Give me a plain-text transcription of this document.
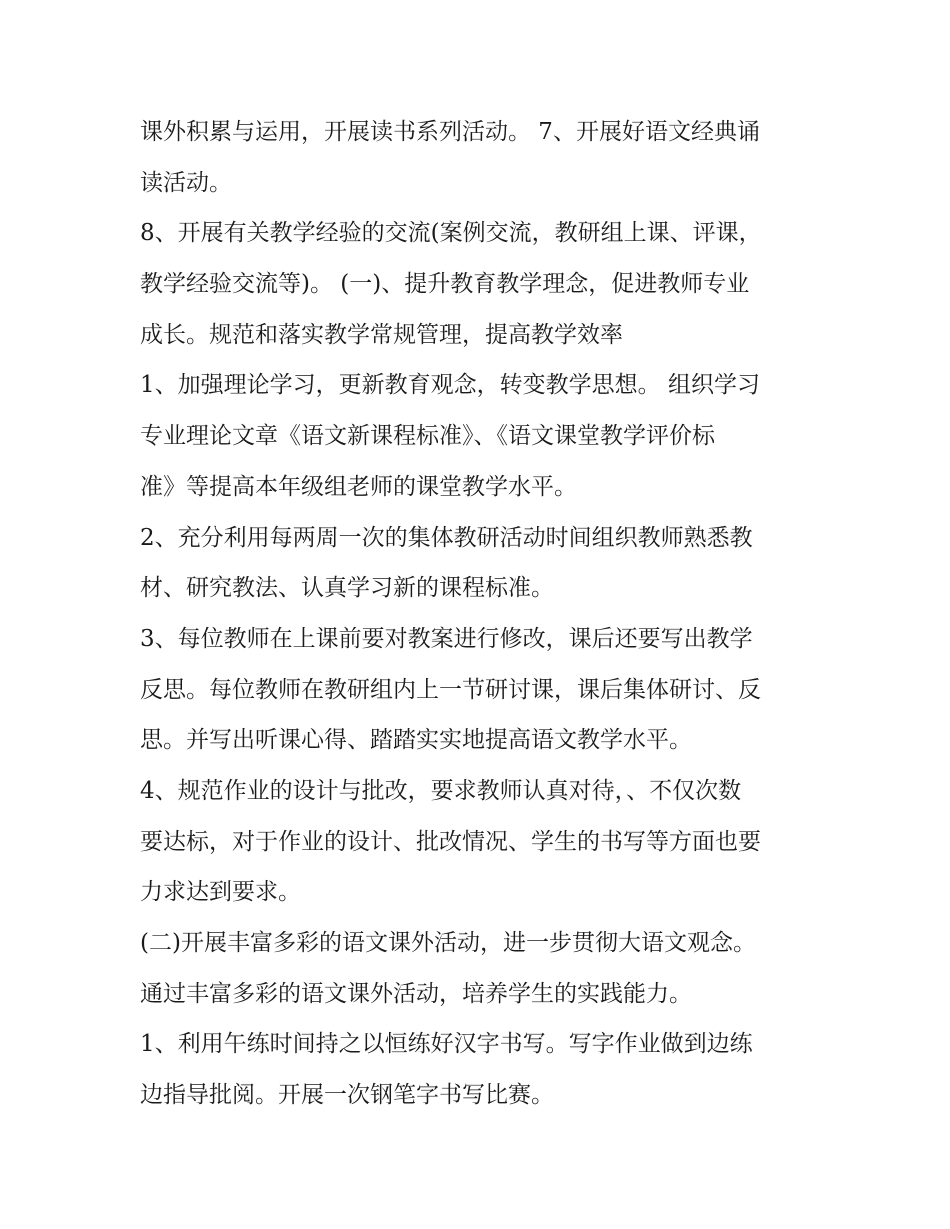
课外积累与运用，开展读书系列活动。 7、开展好语文经典诵
读活动。
8、开展有关教学经验的交流(案例交流，教研组上课、评课，
教学经验交流等)。 (一)、提升教育教学理念，促进教师专业
成长。规范和落实教学常规管理，提高教学效率
1、加强理论学习，更新教育观念，转变教学思想。 组织学习
专业理论文章《语文新课程标准》、《语文课堂教学评价标
准》等提高本年级组老师的课堂教学水平。
2、充分利用每两周一次的集体教研活动时间组织教师熟悉教
材、研究教法、认真学习新的课程标准。
3、每位教师在上课前要对教案进行修改，课后还要写出教学
反思。每位教师在教研组内上一节研讨课，课后集体研讨、反
思。并写出听课心得、踏踏实实地提高语文教学水平。
4、规范作业的设计与批改，要求教师认真对待，、不仅次数
要达标，对于作业的设计、批改情况、学生的书写等方面也要
力求达到要求。
(二)开展丰富多彩的语文课外活动，进一步贯彻大语文观念。
通过丰富多彩的语文课外活动，培养学生的实践能力。
1、利用午练时间持之以恒练好汉字书写。写字作业做到边练
边指导批阅。开展一次钢笔字书写比赛。
